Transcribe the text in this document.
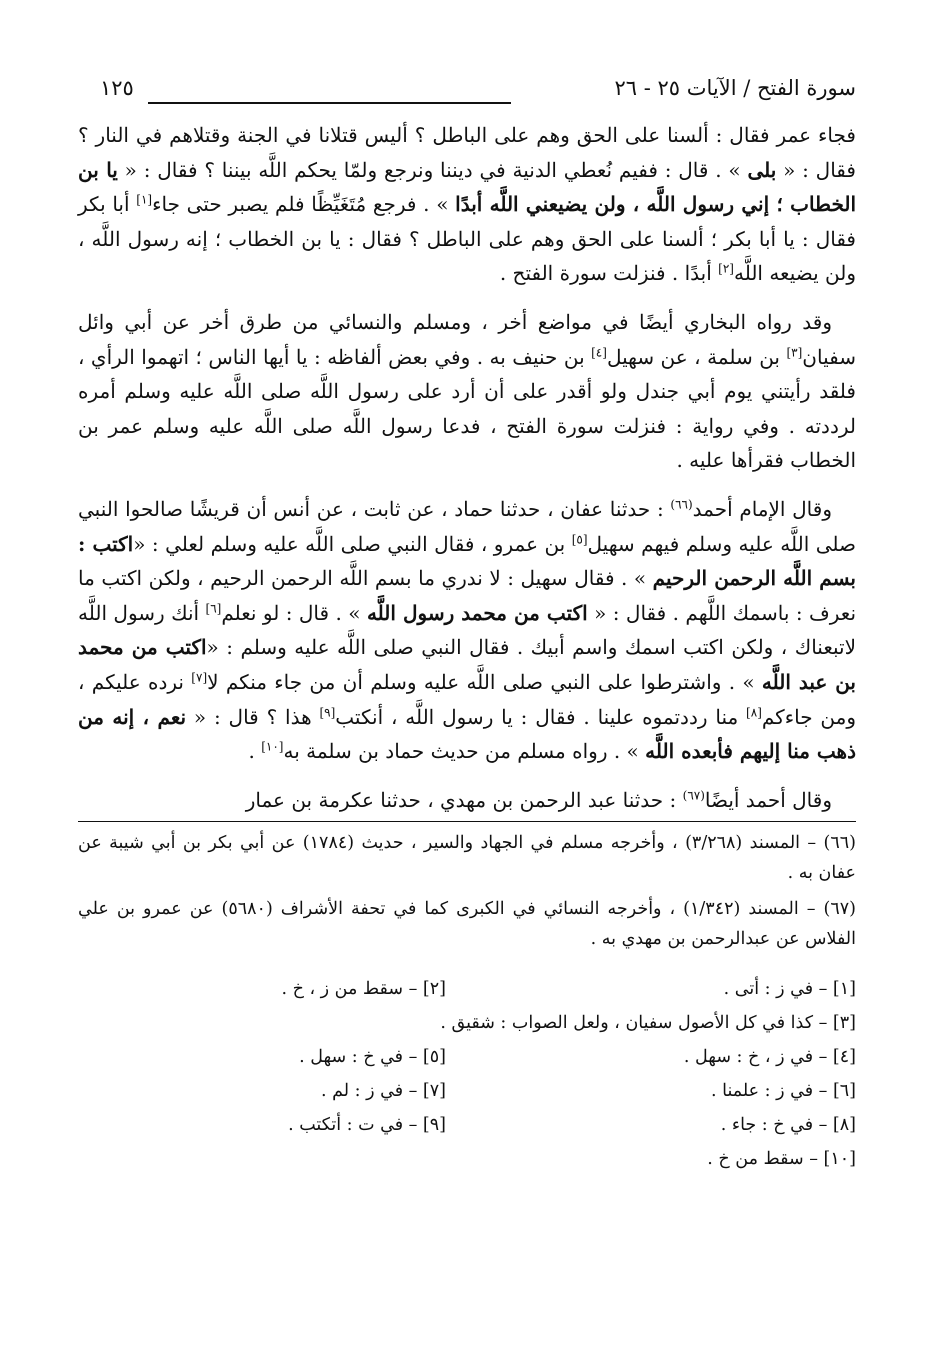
سورة الفتح / الآيات ٢٥ - ٢٦
١٢٥

فجاء عمر فقال : ألسنا على الحق وهم على الباطل ؟ أليس قتلانا في الجنة وقتلاهم في النار ؟ فقال : « بلى » . قال : ففيم نُعطي الدنية في ديننا ونرجع ولمّا يحكم اللَّه بيننا ؟ فقال : « يا بن الخطاب ؛ إني رسول اللَّه ، ولن يضيعني اللَّه أبدًا » . فرجع مُتَغَيِّظًا فلم يصبر حتى جاء[١] أبا بكر فقال : يا أبا بكر ؛ ألسنا على الحق وهم على الباطل ؟ فقال : يا بن الخطاب ؛ إنه رسول اللَّه ، ولن يضيعه اللَّه[٢] أبدًا . فنزلت سورة الفتح .

وقد رواه البخاري أيضًا في مواضع أخر ، ومسلم والنسائي من طرق أخر عن أبي وائل سفيان[٣] بن سلمة ، عن سهيل[٤] بن حنيف به . وفي بعض ألفاظه : يا أيها الناس ؛ اتهموا الرأي ، فلقد رأيتني يوم أبي جندل ولو أقدر على أن أرد على رسول اللَّه صلى اللَّه عليه وسلم أمره لرددته . وفي رواية : فنزلت سورة الفتح ، فدعا رسول اللَّه صلى اللَّه عليه وسلم عمر بن الخطاب فقرأها عليه .

وقال الإمام أحمد$^{(٦٦)}$ : حدثنا عفان ، حدثنا حماد ، عن ثابت ، عن أنس أن قريشًا صالحوا النبي صلى اللَّه عليه وسلم فيهم سهيل[٥] بن عمرو ، فقال النبي صلى اللَّه عليه وسلم لعلي : «اكتب : بسم اللَّه الرحمن الرحيم » . فقال سهيل : لا ندري ما بسم اللَّه الرحمن الرحيم ، ولكن اكتب ما نعرف : باسمك اللَّهم . فقال : « اكتب من محمد رسول اللَّه » . قال : لو نعلم[٦] أنك رسول اللَّه لاتبعناك ، ولكن اكتب اسمك واسم أبيك . فقال النبي صلى اللَّه عليه وسلم : «اكتب من محمد بن عبد اللَّه » . واشترطوا على النبي صلى اللَّه عليه وسلم أن من جاء منكم لا[٧] نرده عليكم ، ومن جاءكم[٨] منا رددتموه علينا . فقال : يا رسول اللَّه ، أنكتب[٩] هذا ؟ قال : « نعم ، إنه من ذهب منا إليهم فأبعده اللَّه » . رواه مسلم من حديث حماد بن سلمة به[١٠] .

وقال أحمد أيضًا$^{(٦٧)}$ : حدثنا عبد الرحمن بن مهدي ، حدثنا عكرمة بن عمار

(٦٦) – المسند (٣/٢٦٨) ، وأخرجه مسلم في الجهاد والسير ، حديث (١٧٨٤) عن أبي بكر بن أبي شيبة عن عفان به .

(٦٧) – المسند (١/٣٤٢) ، وأخرجه النسائي في الكبرى كما في تحفة الأشراف (٥٦٨٠) عن عمرو بن علي الفلاس عن عبدالرحمن بن مهدي به .

[١] – في ز : أتى .
[٢] – سقط من ز ، خ .
[٣] – كذا في كل الأصول سفيان ، ولعل الصواب : شقيق .
[٤] – في ز ، خ : سهل .
[٥] – في خ : سهل .
[٦] – في ز : علمنا .
[٧] – في ز : لم .
[٨] – في خ : جاء .
[٩] – في ت : أتكتب .
[١٠] – سقط من خ .
